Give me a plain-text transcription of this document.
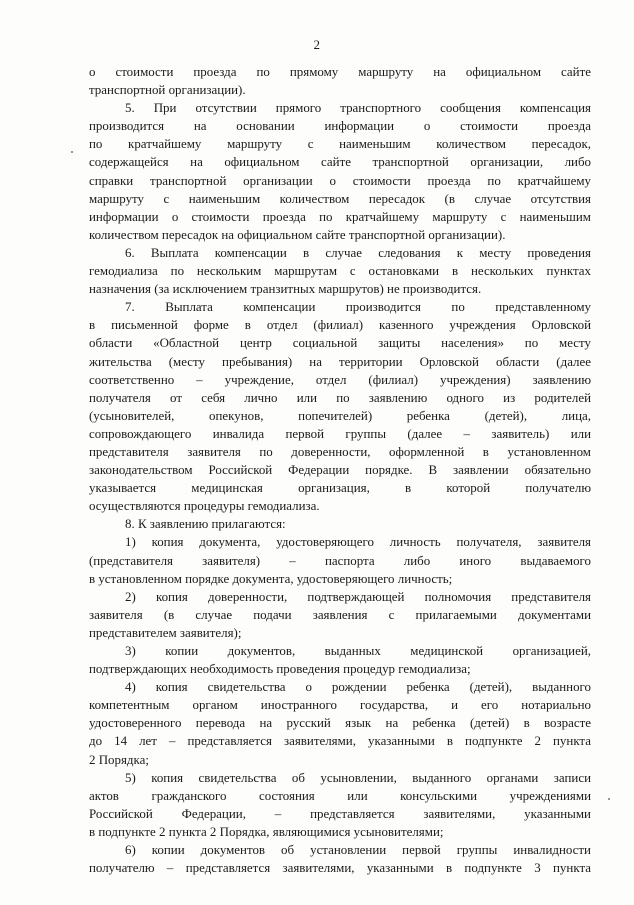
2
о стоимости проезда по прямому маршруту на официальном сайте
транспортной организации).
5. При отсутствии прямого транспортного сообщения компенсация
производится на основании информации о стоимости проезда
по кратчайшему маршруту с наименьшим количеством пересадок,
содержащейся на официальном сайте транспортной организации, либо
справки транспортной организации о стоимости проезда по кратчайшему
маршруту с наименьшим количеством пересадок (в случае отсутствия
информации о стоимости проезда по кратчайшему маршруту с наименьшим
количеством пересадок на официальном сайте транспортной организации).
6. Выплата компенсации в случае следования к месту проведения
гемодиализа по нескольким маршрутам с остановками в нескольких пунктах
назначения (за исключением транзитных маршрутов) не производится.
7. Выплата компенсации производится по представленному
в письменной форме в отдел (филиал) казенного учреждения Орловской
области «Областной центр социальной защиты населения» по месту
жительства (месту пребывания) на территории Орловской области (далее
соответственно – учреждение, отдел (филиал) учреждения) заявлению
получателя от себя лично или по заявлению одного из родителей
(усыновителей, опекунов, попечителей) ребенка (детей), лица,
сопровождающего инвалида первой группы (далее – заявитель) или
представителя заявителя по доверенности, оформленной в установленном
законодательством Российской Федерации порядке. В заявлении обязательно
указывается медицинская организация, в которой получателю
осуществляются процедуры гемодиализа.
8. К заявлению прилагаются:
1) копия документа, удостоверяющего личность получателя, заявителя
(представителя заявителя) – паспорта либо иного выдаваемого
в установленном порядке документа, удостоверяющего личность;
2) копия доверенности, подтверждающей полномочия представителя
заявителя (в случае подачи заявления с прилагаемыми документами
представителем заявителя);
3) копии документов, выданных медицинской организацией,
подтверждающих необходимость проведения процедур гемодиализа;
4) копия свидетельства о рождении ребенка (детей), выданного
компетентным органом иностранного государства, и его нотариально
удостоверенного перевода на русский язык на ребенка (детей) в возрасте
до 14 лет – представляется заявителями, указанными в подпункте 2 пункта
2 Порядка;
5) копия свидетельства об усыновлении, выданного органами записи
актов гражданского состояния или консульскими учреждениями
Российской Федерации, – представляется заявителями, указанными
в подпункте 2 пункта 2 Порядка, являющимися усыновителями;
6) копии документов об установлении первой группы инвалидности
получателю – представляется заявителями, указанными в подпункте 3 пункта
